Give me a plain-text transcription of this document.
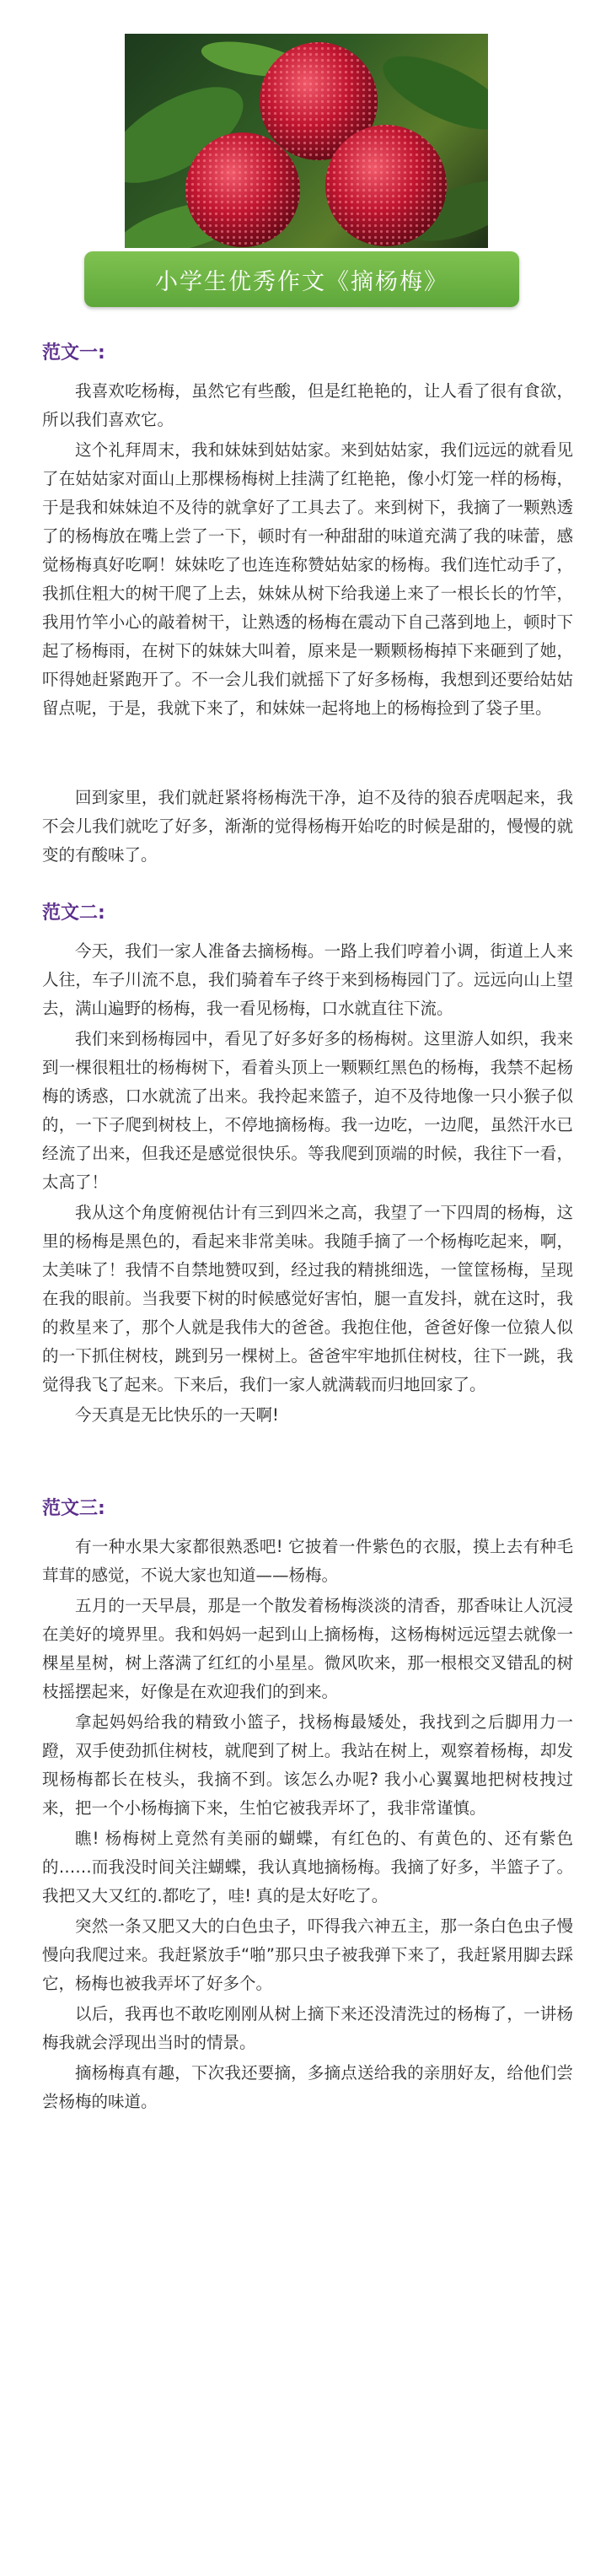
小学生优秀作文《摘杨梅》
范文一:

我喜欢吃杨梅，虽然它有些酸，但是红艳艳的，让人看了很有食欲，所以我们喜欢它。

这个礼拜周末，我和妹妹到姑姑家。来到姑姑家，我们远远的就看见了在姑姑家对面山上那棵杨梅树上挂满了红艳艳，像小灯笼一样的杨梅，于是我和妹妹迫不及待的就拿好了工具去了。来到树下，我摘了一颗熟透了的杨梅放在嘴上尝了一下，顿时有一种甜甜的味道充满了我的味蕾，感觉杨梅真好吃啊！妹妹吃了也连连称赞姑姑家的杨梅。我们连忙动手了，我抓住粗大的树干爬了上去，妹妹从树下给我递上来了一根长长的竹竿，我用竹竿小心的敲着树干，让熟透的杨梅在震动下自己落到地上，顿时下起了杨梅雨，在树下的妹妹大叫着，原来是一颗颗杨梅掉下来砸到了她，吓得她赶紧跑开了。不一会儿我们就摇下了好多杨梅，我想到还要给姑姑留点呢，于是，我就下来了，和妹妹一起将地上的杨梅捡到了袋子里。

回到家里，我们就赶紧将杨梅洗干净，迫不及待的狼吞虎咽起来，我不会儿我们就吃了好多，渐渐的觉得杨梅开始吃的时候是甜的，慢慢的就变的有酸味了。

范文二:

今天，我们一家人准备去摘杨梅。一路上我们哼着小调，街道上人来人往，车子川流不息，我们骑着车子终于来到杨梅园门了。远远向山上望去，满山遍野的杨梅，我一看见杨梅，口水就直往下流。

我们来到杨梅园中，看见了好多好多的杨梅树。这里游人如织，我来到一棵很粗壮的杨梅树下，看着头顶上一颗颗红黑色的杨梅，我禁不起杨梅的诱惑，口水就流了出来。我拎起来篮子，迫不及待地像一只小猴子似的，一下子爬到树枝上，不停地摘杨梅。我一边吃，一边爬，虽然汗水已经流了出来，但我还是感觉很快乐。等我爬到顶端的时候，我往下一看，太高了！

我从这个角度俯视估计有三到四米之高，我望了一下四周的杨梅，这里的杨梅是黑色的，看起来非常美味。我随手摘了一个杨梅吃起来，啊，太美味了！我情不自禁地赞叹到，经过我的精挑细选，一筐筐杨梅，呈现在我的眼前。当我要下树的时候感觉好害怕，腿一直发抖，就在这时，我的救星来了，那个人就是我伟大的爸爸。我抱住他，爸爸好像一位猿人似的一下抓住树枝，跳到另一棵树上。爸爸牢牢地抓住树枝，往下一跳，我觉得我飞了起来。下来后，我们一家人就满载而归地回家了。

今天真是无比快乐的一天啊!

范文三:

有一种水果大家都很熟悉吧! 它披着一件紫色的衣服，摸上去有种毛茸茸的感觉，不说大家也知道——杨梅。

五月的一天早晨，那是一个散发着杨梅淡淡的清香，那香味让人沉浸在美好的境界里。我和妈妈一起到山上摘杨梅，这杨梅树远远望去就像一棵星星树，树上落满了红红的小星星。微风吹来，那一根根交叉错乱的树枝摇摆起来，好像是在欢迎我们的到来。

拿起妈妈给我的精致小篮子，找杨梅最矮处，我找到之后脚用力一蹬，双手使劲抓住树枝，就爬到了树上。我站在树上，观察着杨梅，却发现杨梅都长在枝头，我摘不到。该怎么办呢? 我小心翼翼地把树枝拽过来，把一个小杨梅摘下来，生怕它被我弄坏了，我非常谨慎。

瞧! 杨梅树上竟然有美丽的蝴蝶，有红色的、有黄色的、还有紫色的……而我没时间关注蝴蝶，我认真地摘杨梅。我摘了好多，半篮子了。我把又大又红的.都吃了，哇! 真的是太好吃了。

突然一条又肥又大的白色虫子，吓得我六神五主，那一条白色虫子慢慢向我爬过来。我赶紧放手“啪”那只虫子被我弹下来了，我赶紧用脚去踩它，杨梅也被我弄坏了好多个。

以后，我再也不敢吃刚刚从树上摘下来还没清洗过的杨梅了，一讲杨梅我就会浮现出当时的情景。

摘杨梅真有趣，下次我还要摘，多摘点送给我的亲朋好友，给他们尝尝杨梅的味道。
